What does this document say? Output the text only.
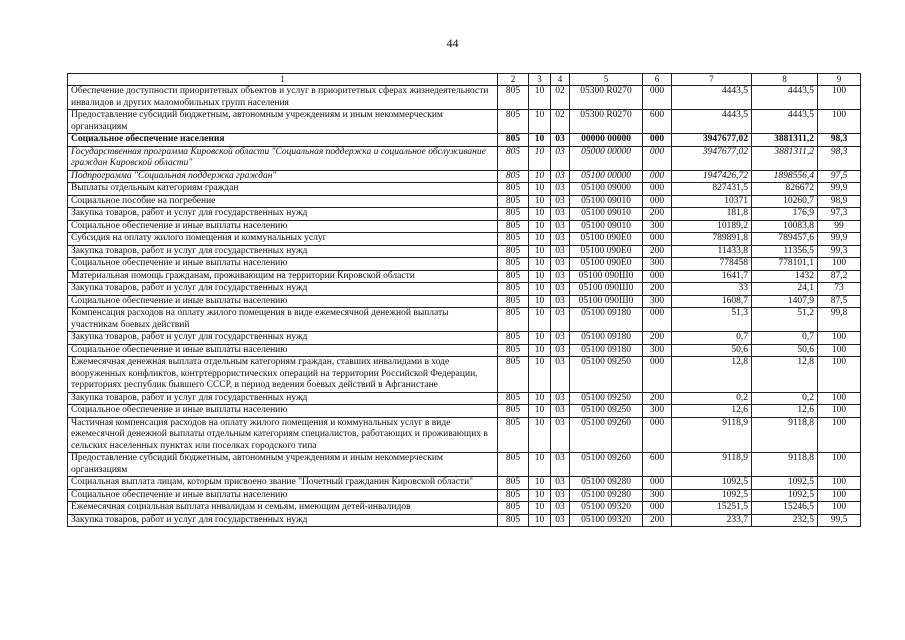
44
1	2	3	4	5	6	7	8	9
Обеспечение доступности приоритетных объектов и услуг в приоритетных сферах жизнедеятельности инвалидов и других маломобильных групп населения	805	10	02	05300 R0270	000	4443,5	4443,5	100
Предоставление субсидий бюджетным, автономным учреждениям и иным некоммерческим организациям	805	10	02	05300 R0270	600	4443,5	4443,5	100
Социальное обеспечение населения	805	10	03	00000 00000	000	3947677,02	3881311,2	98,3
Государственная программа Кировской области "Социальная поддержка и социальное обслуживание граждан Кировской области"	805	10	03	05000 00000	000	3947677,02	3881311,2	98,3
Подпрограмма "Социальная поддержка граждан"	805	10	03	05100 00000	000	1947426,72	1898556,4	97,5
Выплаты отдельным категориям граждан	805	10	03	05100 09000	000	827431,5	826672	99,9
Социальное пособие на погребение	805	10	03	05100 09010	000	10371	10260,7	98,9
Закупка товаров, работ и услуг для государственных нужд	805	10	03	05100 09010	200	181,8	176,9	97,3
Социальное обеспечение и иные выплаты населению	805	10	03	05100 09010	300	10189,2	10083,8	99
Субсидия на оплату жилого помещения и коммунальных услуг	805	10	03	05100 090Е0	000	789891,8	789457,6	99,9
Закупка товаров, работ и услуг для государственных нужд	805	10	03	05100 090Е0	200	11433,8	11356,5	99,3
Социальное обеспечение и иные выплаты населению	805	10	03	05100 090Е0	300	778458	778101,1	100
Материальная помощь гражданам, проживающим на территории Кировской области	805	10	03	05100 090Ш0	000	1641,7	1432	87,2
Закупка товаров, работ и услуг для государственных нужд	805	10	03	05100 090Ш0	200	33	24,1	73
Социальное обеспечение и иные выплаты населению	805	10	03	05100 090Ш0	300	1608,7	1407,9	87,5
Компенсация расходов на оплату жилого помещения в виде ежемесячной денежной выплаты участникам боевых действий	805	10	03	05100 09180	000	51,3	51,2	99,8
Закупка товаров, работ и услуг для государственных нужд	805	10	03	05100 09180	200	0,7	0,7	100
Социальное обеспечение и иные выплаты населению	805	10	03	05100 09180	300	50,6	50,6	100
Ежемесячная денежная выплата отдельным категориям граждан, ставших инвалидами в ходе вооруженных конфликтов, контртеррористических операций на территории Российской Федерации, территориях республик бывшего СССР, в период ведения боевых действий в Афганистане	805	10	03	05100 09250	000	12,8	12,8	100
Закупка товаров, работ и услуг для государственных нужд	805	10	03	05100 09250	200	0,2	0,2	100
Социальное обеспечение и иные выплаты населению	805	10	03	05100 09250	300	12,6	12,6	100
Частичная компенсация расходов на оплату жилого помещения и коммунальных услуг в виде ежемесячной денежной выплаты отдельным категориям специалистов, работающих и проживающих в сельских населенных пунктах или поселках городского типа	805	10	03	05100 09260	000	9118,9	9118,8	100
Предоставление субсидий бюджетным, автономным учреждениям и иным некоммерческим организациям	805	10	03	05100 09260	600	9118,9	9118,8	100
Социальная выплата лицам, которым присвоено звание "Почетный гражданин Кировской области"	805	10	03	05100 09280	000	1092,5	1092,5	100
Социальное обеспечение и иные выплаты населению	805	10	03	05100 09280	300	1092,5	1092,5	100
Ежемесячная социальная выплата инвалидам и семьям, имеющим детей-инвалидов	805	10	03	05100 09320	000	15251,5	15246,5	100
Закупка товаров, работ и услуг для государственных нужд	805	10	03	05100 09320	200	233,7	232,5	99,5
